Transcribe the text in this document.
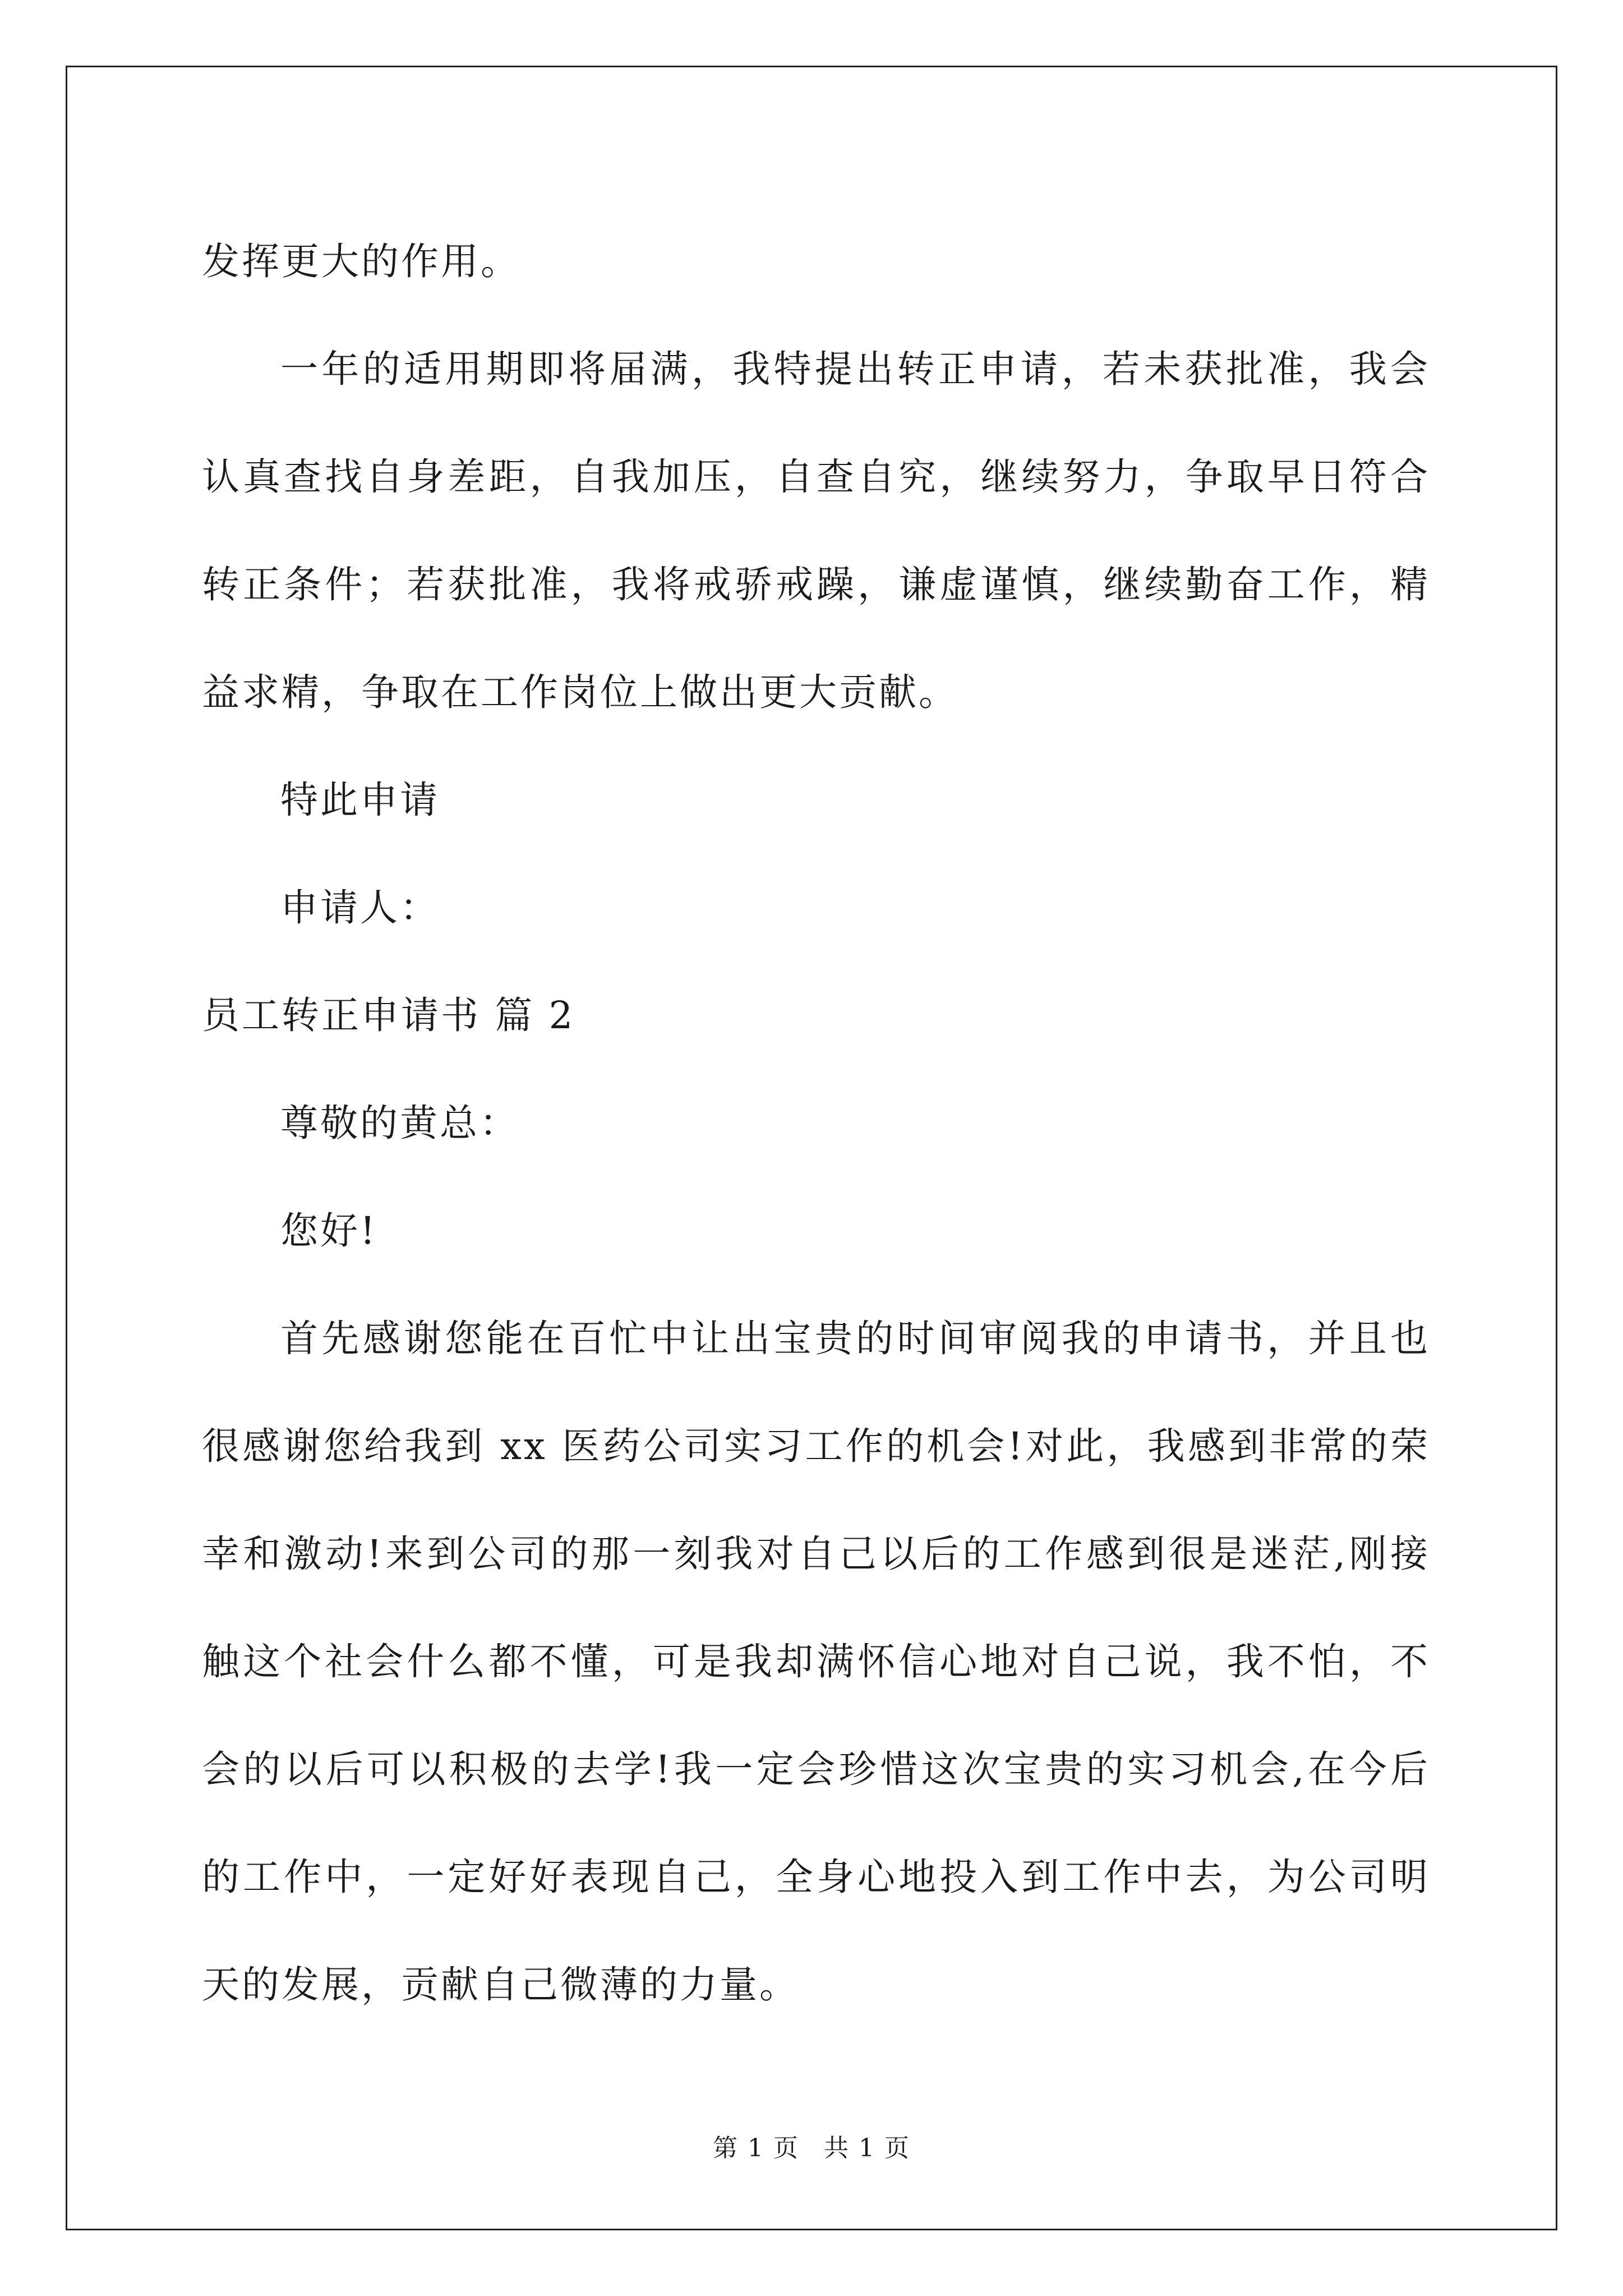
发挥更大的作用。
一年的适用期即将届满，我特提出转正申请，若未获批准，我会
认真查找自身差距，自我加压，自查自究，继续努力，争取早日符合
转正条件；若获批准，我将戒骄戒躁，谦虚谨慎，继续勤奋工作，精
益求精，争取在工作岗位上做出更大贡献。
特此申请
申请人：
员工转正申请书 篇 2
尊敬的黄总：
您好!
首先感谢您能在百忙中让出宝贵的时间审阅我的申请书，并且也
很感谢您给我到 xx 医药公司实习工作的机会!对此，我感到非常的荣
幸和激动!来到公司的那一刻我对自己以后的工作感到很是迷茫,刚接
触这个社会什么都不懂，可是我却满怀信心地对自己说，我不怕，不
会的以后可以积极的去学!我一定会珍惜这次宝贵的实习机会,在今后
的工作中，一定好好表现自己，全身心地投入到工作中去，为公司明
天的发展，贡献自己微薄的力量。
第 1 页 共 1 页
